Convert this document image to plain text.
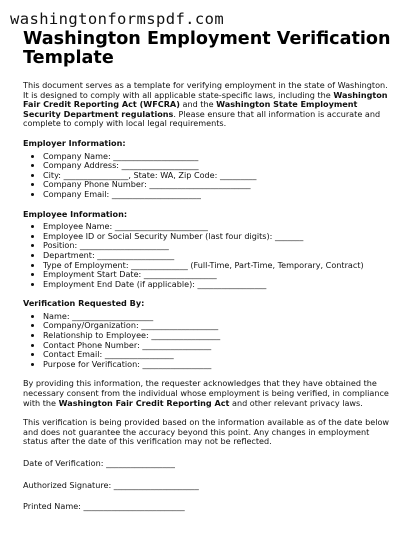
washingtonformspdf.com
Washington Employment Verification Template

This document serves as a template for verifying employment in the state of Washington. It is designed to comply with all applicable state-specific laws, including the Washington Fair Credit Reporting Act (WFCRA) and the Washington State Employment Security Department regulations. Please ensure that all information is accurate and complete to comply with local legal requirements.

Employer Information:

• Company Name: _____________________
• Company Address: ___________________
• City: ________________, State: WA, Zip Code: _________
• Company Phone Number: _________________________
• Company Email: ______________________

Employee Information:

• Employee Name: _______________________
• Employee ID or Social Security Number (last four digits): _______
• Position: ______________________
• Department: ___________________
• Type of Employment: ______________ (Full-Time, Part-Time, Temporary, Contract)
• Employment Start Date: __________________
• Employment End Date (if applicable): _________________

Verification Requested By:

• Name: ____________________
• Company/Organization: ___________________
• Relationship to Employee: _________________
• Contact Phone Number: _________________
• Contact Email: _________________
• Purpose for Verification: _________________

By providing this information, the requester acknowledges that they have obtained the necessary consent from the individual whose employment is being verified, in compliance with the Washington Fair Credit Reporting Act and other relevant privacy laws.

This verification is being provided based on the information available as of the date below and does not guarantee the accuracy beyond this point. Any changes in employment status after the date of this verification may not be reflected.

Date of Verification: _________________

Authorized Signature: _____________________

Printed Name: _________________________
